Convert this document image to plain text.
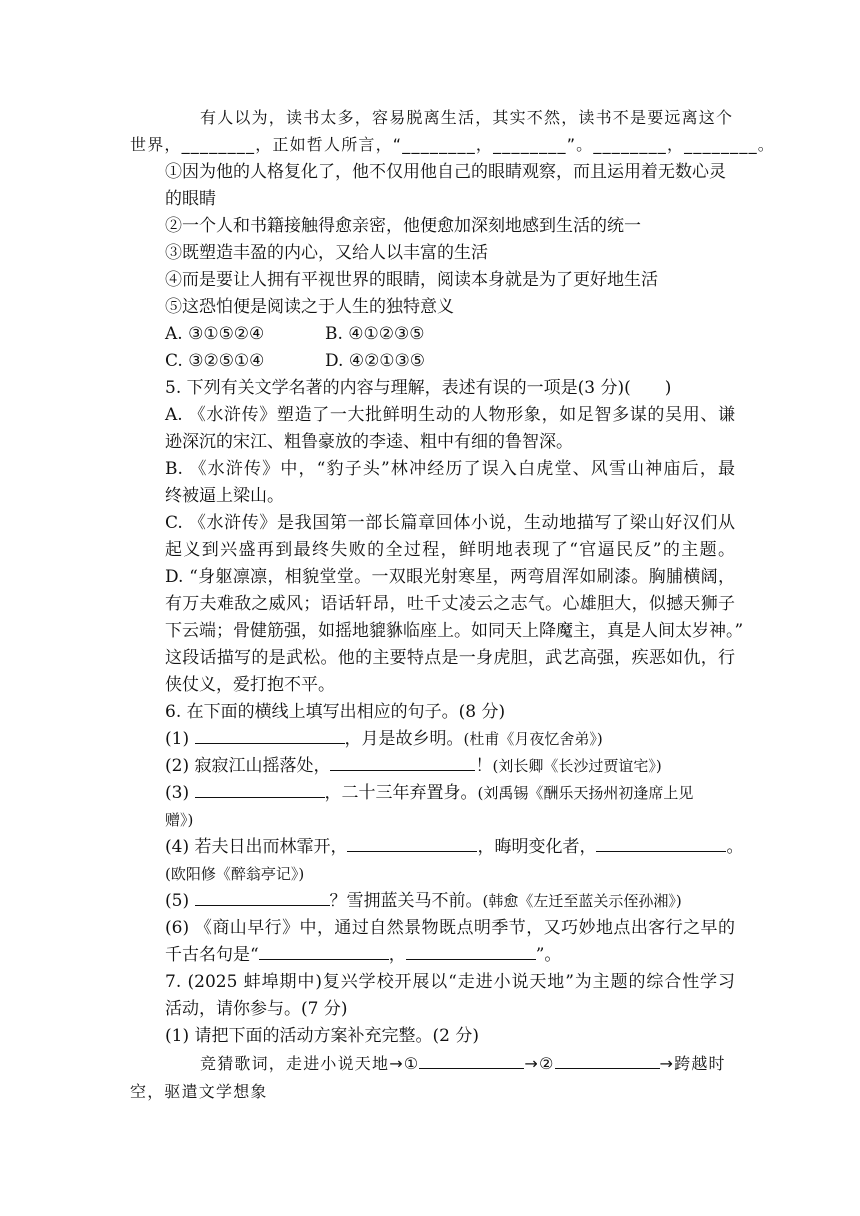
有人以为，读书太多，容易脱离生活，其实不然，读书不是要远离这个
世界，________，正如哲人所言，“________，________”。________，________。
①因为他的人格复化了，他不仅用他自己的眼睛观察，而且运用着无数心灵
的眼睛
②一个人和书籍接触得愈亲密，他便愈加深刻地感到生活的统一
③既塑造丰盈的内心，又给人以丰富的生活
④而是要让人拥有平视世界的眼睛，阅读本身就是为了更好地生活
⑤这恐怕便是阅读之于人生的独特意义
A. ③①⑤②④	B. ④①②③⑤
C. ③②⑤①④	D. ④②①③⑤
5. 下列有关文学名著的内容与理解，表述有误的一项是(3 分)(　　)
A. 《水浒传》塑造了一大批鲜明生动的人物形象，如足智多谋的吴用、谦
逊深沉的宋江、粗鲁豪放的李逵、粗中有细的鲁智深。
B. 《水浒传》中，“豹子头”林冲经历了误入白虎堂、风雪山神庙后，最
终被逼上梁山。
C. 《水浒传》是我国第一部长篇章回体小说，生动地描写了梁山好汉们从
起义到兴盛再到最终失败的全过程，鲜明地表现了“官逼民反”的主题。
D. “身躯凛凛，相貌堂堂。一双眼光射寒星，两弯眉浑如刷漆。胸脯横阔，
有万夫难敌之威风；语话轩昂，吐千丈凌云之志气。心雄胆大，似撼天狮子
下云端；骨健筋强，如摇地貔貅临座上。如同天上降魔主，真是人间太岁神。”
这段话描写的是武松。他的主要特点是一身虎胆，武艺高强，疾恶如仇，行
侠仗义，爱打抱不平。
6. 在下面的横线上填写出相应的句子。(8 分)
(1)	，月是故乡明。(杜甫《月夜忆舍弟》)
(2) 寂寂江山摇落处，	！(刘长卿《长沙过贾谊宅》)
(3)	，二十三年弃置身。(刘禹锡《酬乐天扬州初逢席上见
赠》)
(4) 若夫日出而林霏开，	，晦明变化者，	。
(欧阳修《醉翁亭记》)
(5)	？雪拥蓝关马不前。(韩愈《左迁至蓝关示侄孙湘》)
(6) 《商山早行》中，通过自然景物既点明季节，又巧妙地点出客行之早的
千古名句是“	，	”。
7. (2025 蚌埠期中)复兴学校开展以“走进小说天地”为主题的综合性学习
活动，请你参与。(7 分)
(1) 请把下面的活动方案补充完整。(2 分)
竞猜歌词，走进小说天地→①	→②	→跨越时
空，驱遣文学想象
